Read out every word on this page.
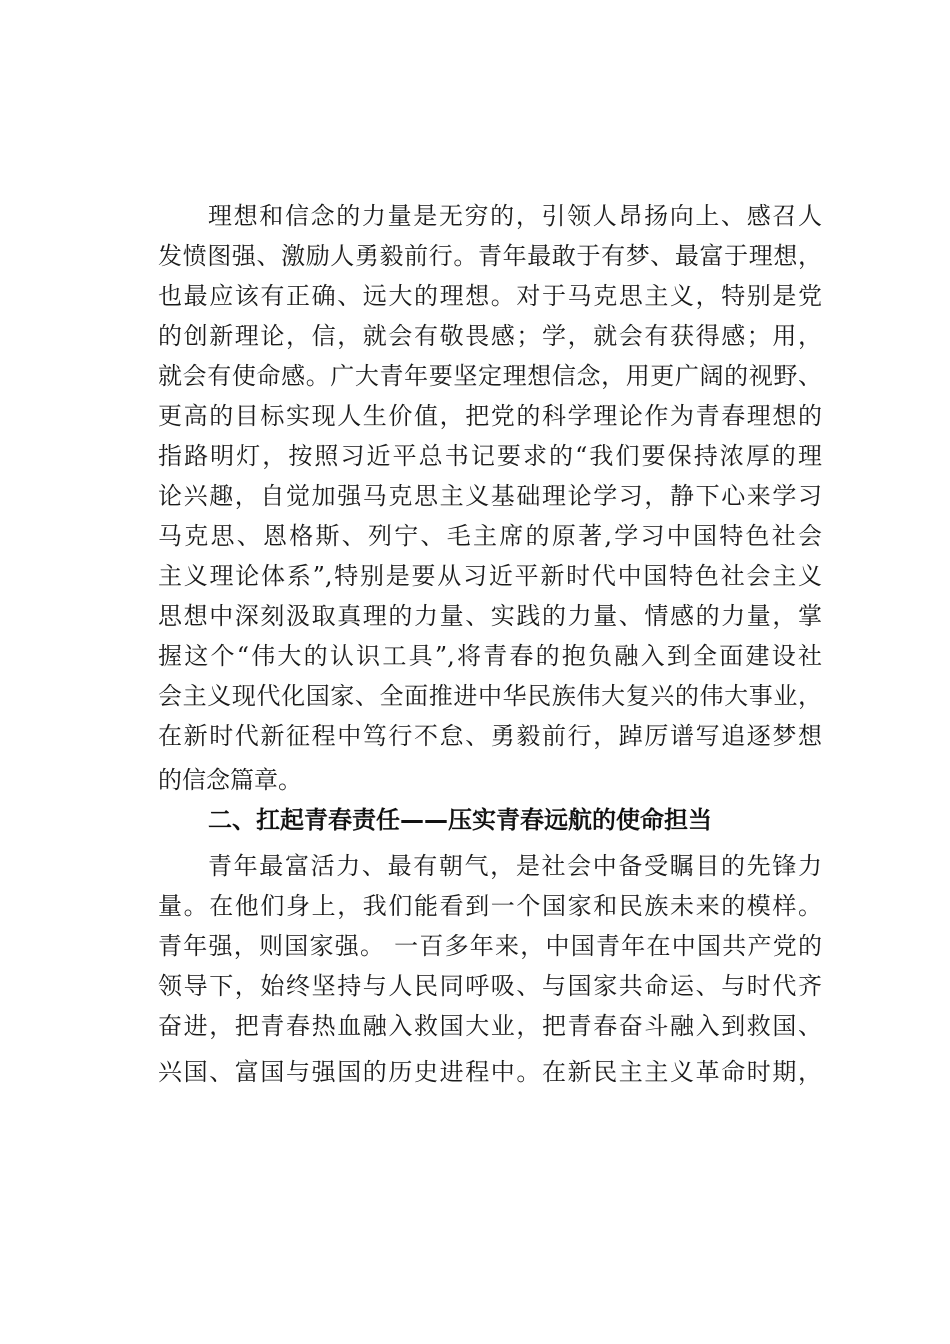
理想和信念的力量是无穷的，引领人昂扬向上、感召人
发愤图强、激励人勇毅前行。青年最敢于有梦、最富于理想，
也最应该有正确、远大的理想。对于马克思主义，特别是党
的创新理论，信，就会有敬畏感；学，就会有获得感；用，
就会有使命感。广大青年要坚定理想信念，用更广阔的视野、
更高的目标实现人生价值，把党的科学理论作为青春理想的
指路明灯，按照习近平总书记要求的“我们要保持浓厚的理
论兴趣，自觉加强马克思主义基础理论学习，静下心来学习
马克思、恩格斯、列宁、毛主席的原著,学习中国特色社会
主义理论体系”,特别是要从习近平新时代中国特色社会主义
思想中深刻汲取真理的力量、实践的力量、情感的力量，掌
握这个“伟大的认识工具”,将青春的抱负融入到全面建设社
会主义现代化国家、全面推进中华民族伟大复兴的伟大事业，
在新时代新征程中笃行不怠、勇毅前行，踔厉谱写追逐梦想
的信念篇章。
二、扛起青春责任——压实青春远航的使命担当
青年最富活力、最有朝气，是社会中备受瞩目的先锋力
量。在他们身上，我们能看到一个国家和民族未来的模样。
青年强，则国家强。 一百多年来，中国青年在中国共产党的
领导下，始终坚持与人民同呼吸、与国家共命运、与时代齐
奋进，把青春热血融入救国大业，把青春奋斗融入到救国、
兴国、富国与强国的历史进程中。在新民主主义革命时期，
